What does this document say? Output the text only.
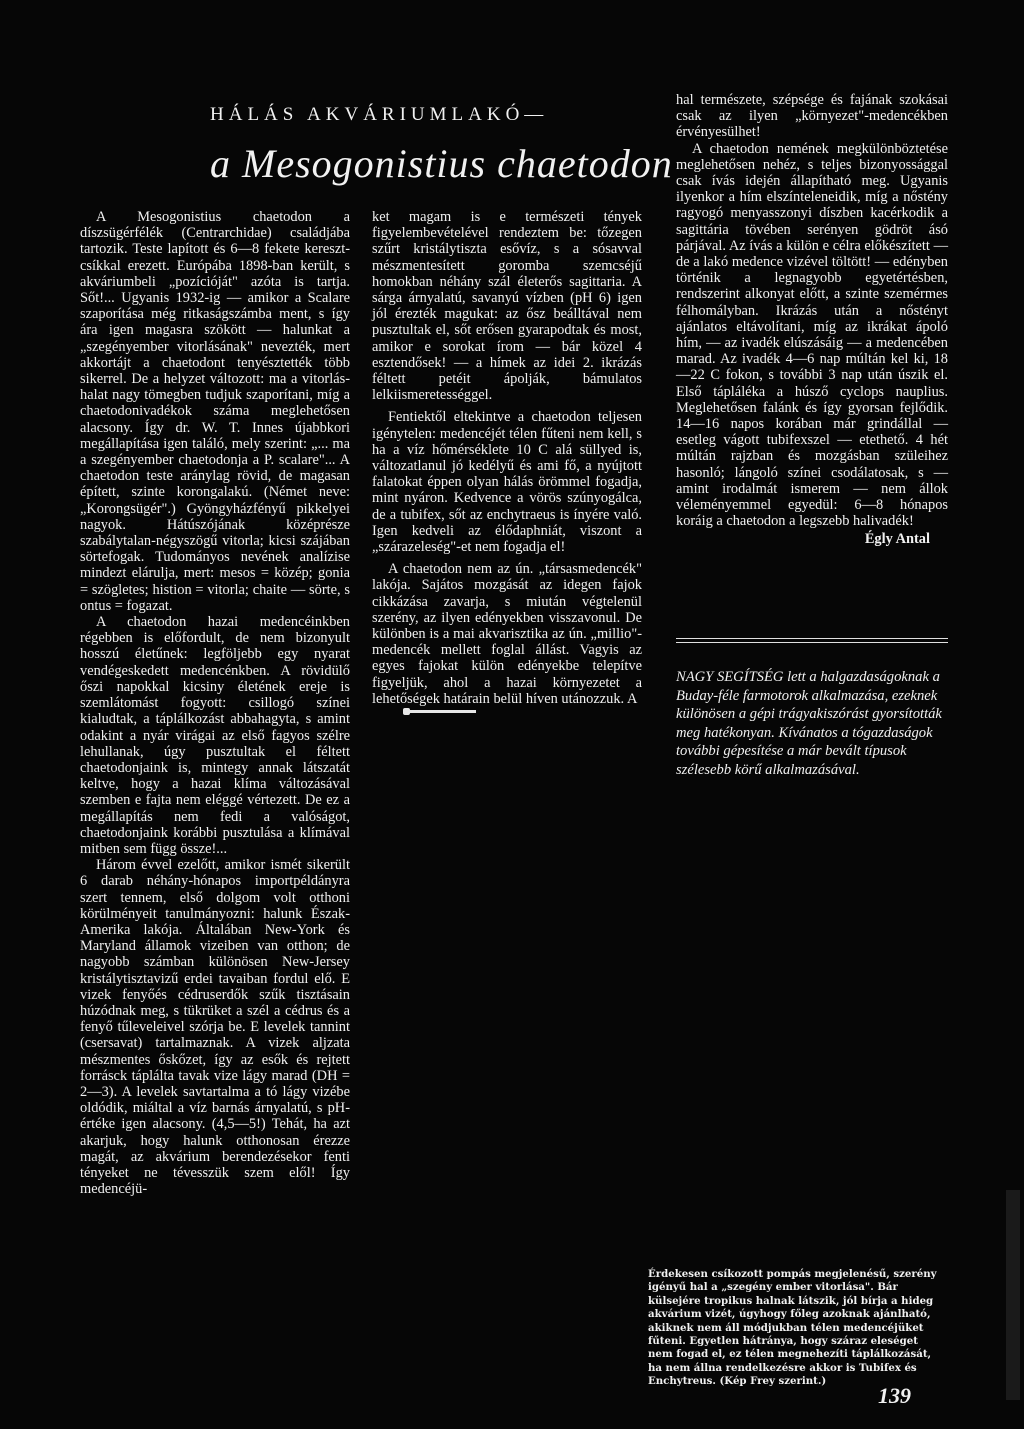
HÁLÁS AKVÁRIUMLAKÓ—
a Mesogonistius chaetodon

A Mesogonistius chaetodon a díszsügérfélék (Centrarchidae) családjába tartozik. Teste lapított és 6—8 fekete kereszt-csíkkal erezett. Európába 1898-ban került, s akváriumbeli „pozícióját" azóta is tartja. Sőt!... Ugyanis 1932-ig — amikor a Scalare szaporítása még ritkaságszámba ment, s így ára igen magasra szökött — halunkat a „szegényember vitorlásának" nevezték, mert akkortájt a chaetodont tenyésztették több sikerrel. De a helyzet változott: ma a vitorlás-halat nagy tömegben tudjuk szaporítani, míg a chaetodonivadékok száma meglehetősen alacsony. Így dr. W. T. Innes újabbkori megállapítása igen találó, mely szerint: „... ma a szegényember chaetodonja a P. scalare"... A chaetodon teste aránylag rövid, de magasan épített, szinte korongalakú. (Német neve: „Korongsügér".) Gyöngyházfényű pikkelyei nagyok. Hátúszójának középrésze szabálytalan-négyszögű vitorla; kicsi szájában sörtefogak. Tudományos nevének analízise mindezt elárulja, mert: mesos = közép; gonia = szögletes; histion = vitorla; chaite — sörte, s ontus = fogazat.

A chaetodon hazai medencéinkben régebben is előfordult, de nem bizonyult hosszú életűnek: legföljebb egy nyarat vendégeskedett medencénkben. A rövidülő őszi napokkal kicsiny életének ereje is szemlátomást fogyott: csillogó színei kialudtak, a táplálkozást abbahagyta, s amint odakint a nyár virágai az első fagyos szélre lehullanak, úgy pusztultak el féltett chaetodonjaink is, mintegy annak látszatát keltve, hogy a hazai klíma változásával szemben e fajta nem eléggé vértezett. De ez a megállapítás nem fedi a valóságot, chaetodonjaink korábbi pusztulása a klímával mitben sem függ össze!...

Három évvel ezelőtt, amikor ismét sikerült 6 darab néhány-hónapos importpéldányra szert tennem, első dolgom volt otthoni körülményeit tanulmányozni: halunk Észak-Amerika lakója. Általában New-York és Maryland államok vizeiben van otthon; de nagyobb számban különösen New-Jersey kristálytisztavizű erdei tavaiban fordul elő. E vizek fenyőés cédruserdők szűk tisztásain húzódnak meg, s tükrüket a szél a cédrus és a fenyő tűleveleivel szórja be. E levelek tannint (csersavat) tartalmaznak. A vizek aljzata mészmentes őskőzet, így az esők és rejtett forrásck táplálta tavak vize lágy marad (DH = 2—3). A levelek savtartalma a tó lágy vizébe oldódik, miáltal a víz barnás árnyalatú, s pH-értéke igen alacsony. (4,5—5!) Tehát, ha azt akarjuk, hogy halunk otthonosan érezze magát, az akvárium berendezésekor fenti tényeket ne tévesszük szem elől! Így medencéjü-

ket magam is e természeti tények figyelembevételével rendeztem be: tőzegen szűrt kristálytisztа esővíz, s a sósavval mészmentesített gorombа szemcséjű homokban néhány szál életerős sagittaria. A sárga árnyalatú, savanyú vízben (pH 6) igen jól érezték magukat: az ősz beálltával nem pusztultak el, sőt erősen gyarapodtak és most, amikor e sorokat írom — bár közel 4 esztendősek! — a hímek az idei 2. ikrázás féltett petéit ápolják, bámulatos lelkiismeretességgel.

Fentiektől eltekintve a chaetodon teljesen igénytelen: medencéjét télen fűteni nem kell, s ha a víz hőmérséklete 10 C alá süllyed is, változatlanul jó kedélyű és ami fő, a nyújtott falatokat éppen olyan hálás örömmel fogadja, mint nyáron. Kedvence a vörös szúnyogálca, de a tubifex, sőt az enchytraeus is ínyére való. Igen kedveli az élődaphniát, viszont a „szárazeleség"-et nem fogadja el!

A chaetodon nem az ún. „társasmedencék" lakója. Sajátos mozgását az idegen fajok cikkázása zavarja, s miután végtelenül szerény, az ilyen edényekben visszavonul. De különben is a mai akvarisztika az ún. „millio"-medencék mellett foglal állást. Vagyis az egyes fajokat külön edényekbe telepítve figyeljük, ahol a hazai környezetet a lehetőségek határain belül híven utánozzuk. A

hal természete, szépsége és fajának szokásai csak az ilyen „környezet"-medencékben érvényesülhet!

A chaetodon nemének megkülönböztetése meglehetősen nehéz, s teljes bizonyossággal csak ívás idején állapítható meg. Ugyanis ilyenkor a hím elszínteleneidik, míg a nőstény ragyogó menyasszonyi díszben kacérkodik a sagittária tövében serényen gödröt ásó párjával. Az ívás a külön e célra előkészített — de a lakó medence vizével töltött! — edényben történik a legnagyobb egyetértésben, rendszerint alkonyat előtt, a szinte szemérmes félhomályban. Ikrázás után a nőstényt ajánlatos eltávolítani, míg az ikrákat ápoló hím, — az ivadék elúszásáig — a medencében marad. Az ivadék 4—6 nap múltán kel ki, 18—22 C fokon, s további 3 nap után úszik el. Első tápláléka a húsző cyclops nauplius. Meglehetősen falánk és így gyorsan fejlődik. 14—16 napos korában már grindállal — esetleg vágott tubifexszel — etethető. 4 hét múltán rajzban és mozgásban szüleihez hasonló; lángoló színei csodálatosak, s — amint irodalmát ismerem — nem állok véleményemmel egyedül: 6—8 hónapos koráig a chaetodon a legszebb halivadék!

Égly Antal

NAGY SEGÍTSÉG lett a halgazdaságoknak a Buday-féle farmotorok alkalmazása, ezeknek különösen a gépi trágyakiszórást gyorsították meg hatékonyan. Kívánatos a tógazdaságok további gépesítése a már bevált típusok szélesebb körű alkalmazásával.
Érdekesen csíkozott pompás megjelenésű, szerény igényű hal a „szegény ember vitorlása". Bár külsejére tropikus halnak látszik, jól bírja a hideg akvárium vizét, úgyhogy főleg azoknak ajánlható, akiknek nem áll módjukban télen medencéjüket fűteni. Egyetlen hátránya, hogy száraz eleséget nem fogad el, ez télen megnehezíti táplálkozását, ha nem állna rendelkezésre akkor is Tubifex és Enchytreus. (Kép Frey szerint.)
139
